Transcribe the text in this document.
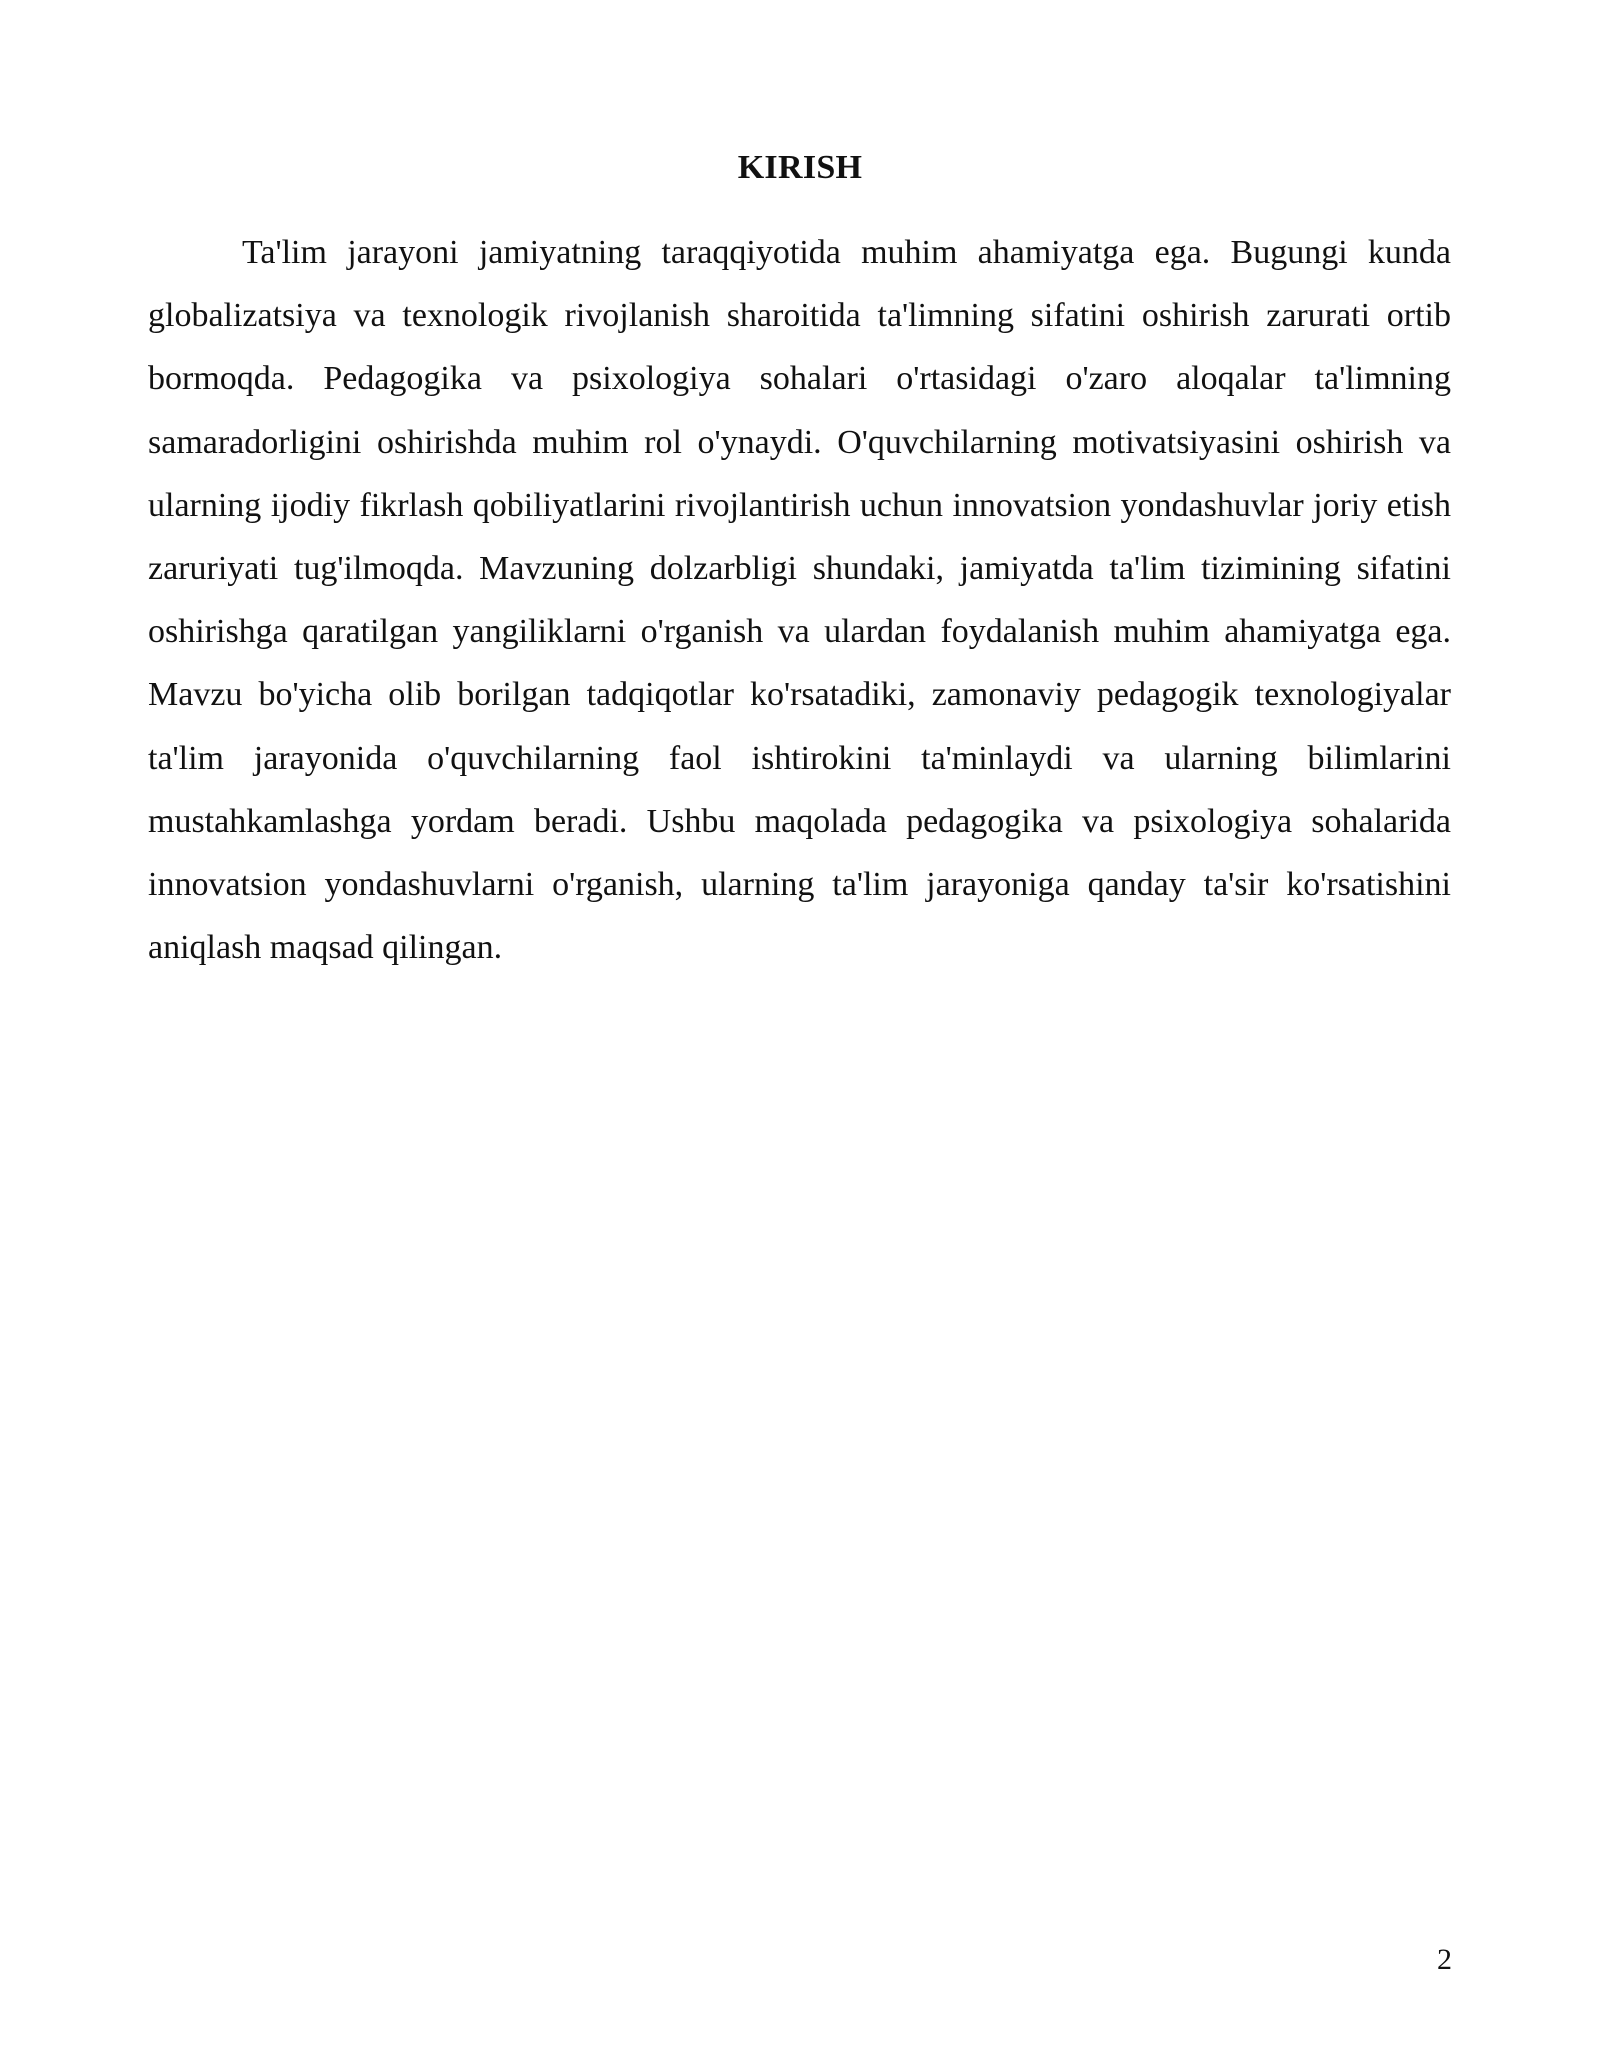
KIRISH

Ta'lim jarayoni jamiyatning taraqqiyotida muhim ahamiyatga ega. Bugungi kunda globalizatsiya va texnologik rivojlanish sharoitida ta'limning sifatini oshirish zarurati ortib bormoqda. Pedagogika va psixologiya sohalari o'rtasidagi o'zaro aloqalar ta'limning samaradorligini oshirishda muhim rol o'ynaydi. O'quvchilarning motivatsiyasini oshirish va ularning ijodiy fikrlash qobiliyatlarini rivojlantirish uchun innovatsion yondashuvlar joriy etish zaruriyati tug'ilmoqda. Mavzuning dolzarbligi shundaki, jamiyatda ta'lim tizimining sifatini oshirishga qaratilgan yangiliklarni o'rganish va ulardan foydalanish muhim ahamiyatga ega. Mavzu bo'yicha olib borilgan tadqiqotlar ko'rsatadiki, zamonaviy pedagogik texnologiyalar ta'lim jarayonida o'quvchilarning faol ishtirokini ta'minlaydi va ularning bilimlarini mustahkamlashga yordam beradi. Ushbu maqolada pedagogika va psixologiya sohalarida innovatsion yondashuvlarni o'rganish, ularning ta'lim jarayoniga qanday ta'sir ko'rsatishini aniqlash maqsad qilingan.

2
